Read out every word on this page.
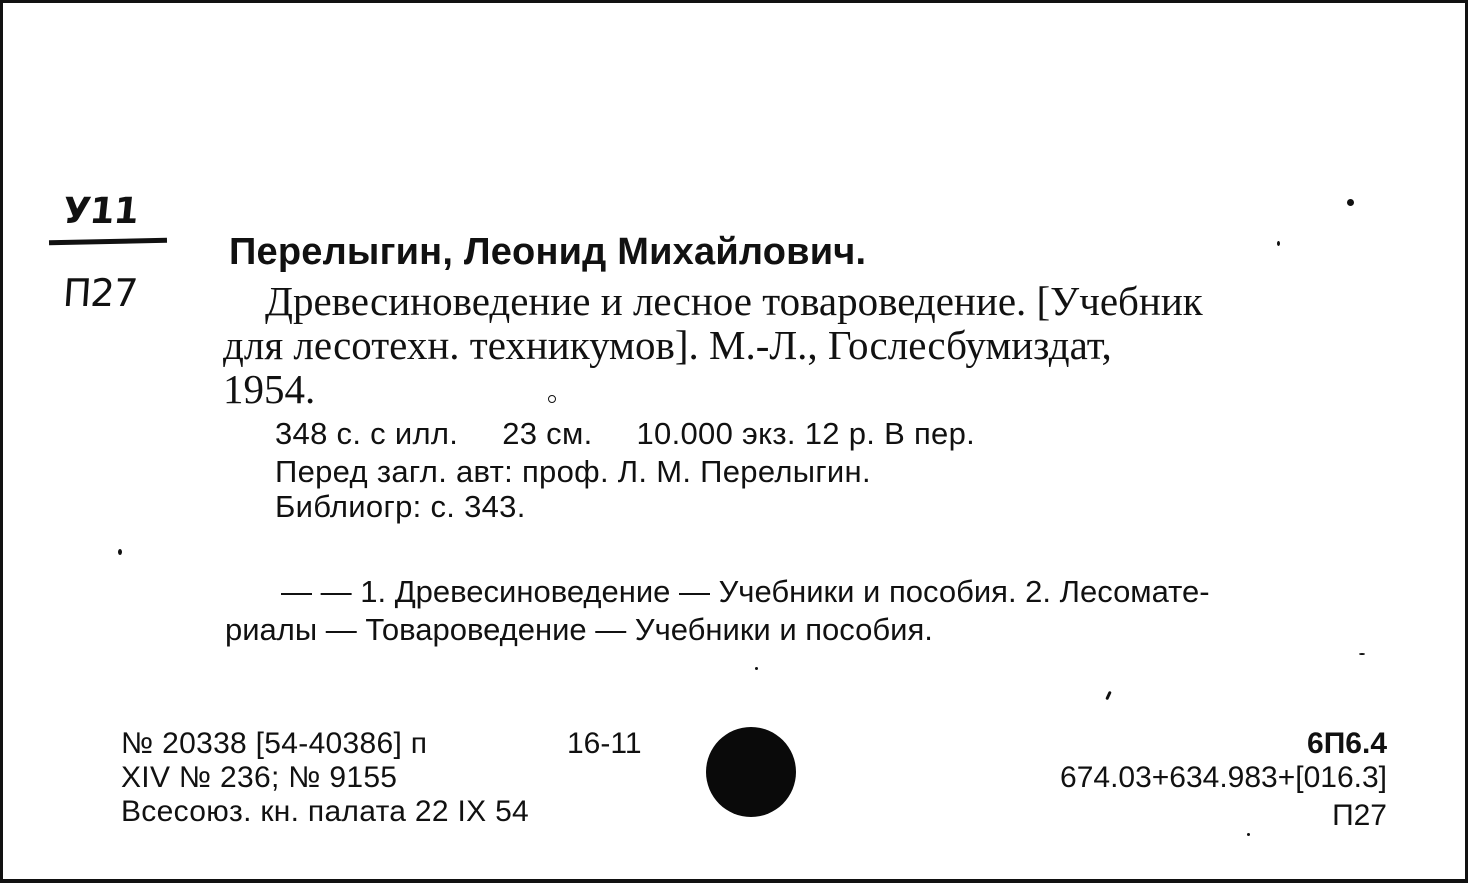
У11
П27
Перелыгин, Леонид Михайлович.
Древесиноведение и лесное товароведение. [Учебник
для лесотехн. техникумов]. М.-Л., Гослесбумиздат,
1954.
348 с. с илл. 23 см. 10.000 экз. 12 р. В пер.
Перед загл. авт: проф. Л. М. Перелыгин.
Библиогр: с. 343.
— — 1. Древесиноведение — Учебники и пособия. 2. Лесомате-
риалы — Товароведение — Учебники и пособия.
№ 20338 [54-40386] п	16-11
XIV № 236; № 9155
Всесоюз. кн. палата 22 IX 54
6П6.4
674.03+634.983+[016.3]
П27
